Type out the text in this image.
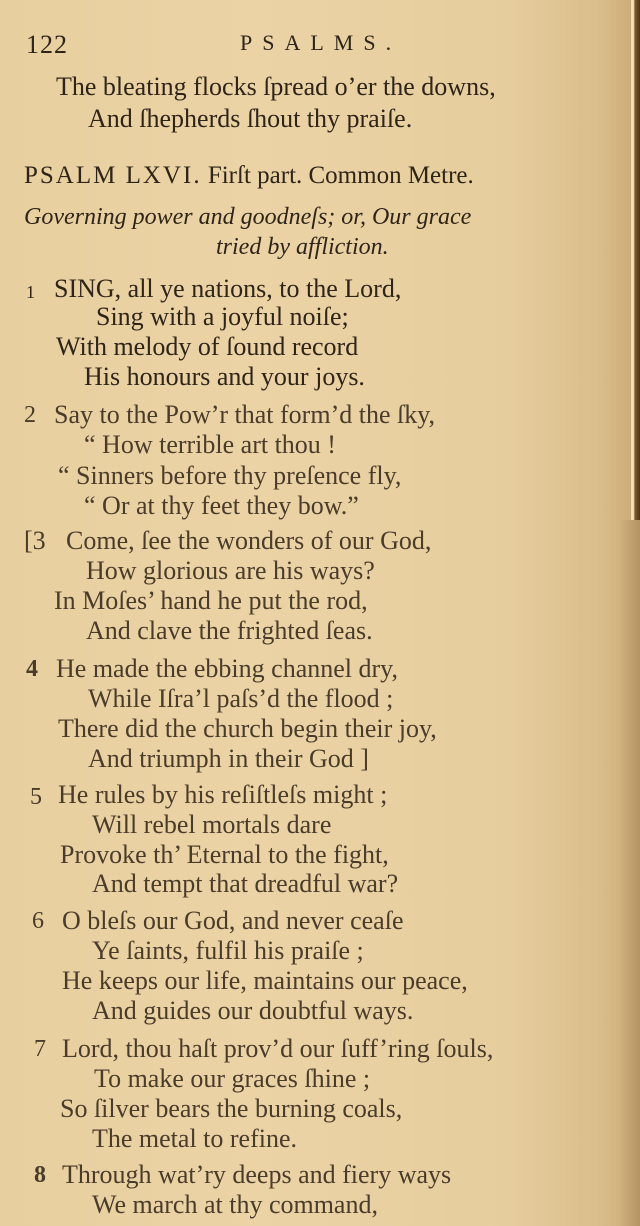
122	PSALMS.
The bleating flocks ſpread o’er the downs,
And ſhepherds ſhout thy praiſe.
PSALM LXVI. Firſt part. Common Metre.
Governing power and goodneſs; or, Our grace
tried by affliction.
1 SING, all ye nations, to the Lord,
Sing with a joyful noiſe;
With melody of ſound record
His honours and your joys.
2 Say to the Pow’r that form’d the ſky,
“ How terrible art thou !
“ Sinners before thy preſence fly,
“ Or at thy feet they bow.”
[3 Come, ſee the wonders of our God,
How glorious are his ways?
In Moſes’ hand he put the rod,
And clave the frighted ſeas.
4 He made the ebbing channel dry,
While Iſra’l paſs’d the flood ;
There did the church begin their joy,
And triumph in their God ]
5 He rules by his reſiſtleſs might ;
Will rebel mortals dare
Provoke th’ Eternal to the fight,
And tempt that dreadful war?
6 O bleſs our God, and never ceaſe
Ye ſaints, fulfil his praiſe ;
He keeps our life, maintains our peace,
And guides our doubtful ways.
7 Lord, thou haſt prov’d our ſuff’ring ſouls,
To make our graces ſhine ;
So ſilver bears the burning coals,
The metal to refine.
8 Through wat’ry deeps and fiery ways
We march at thy command,
